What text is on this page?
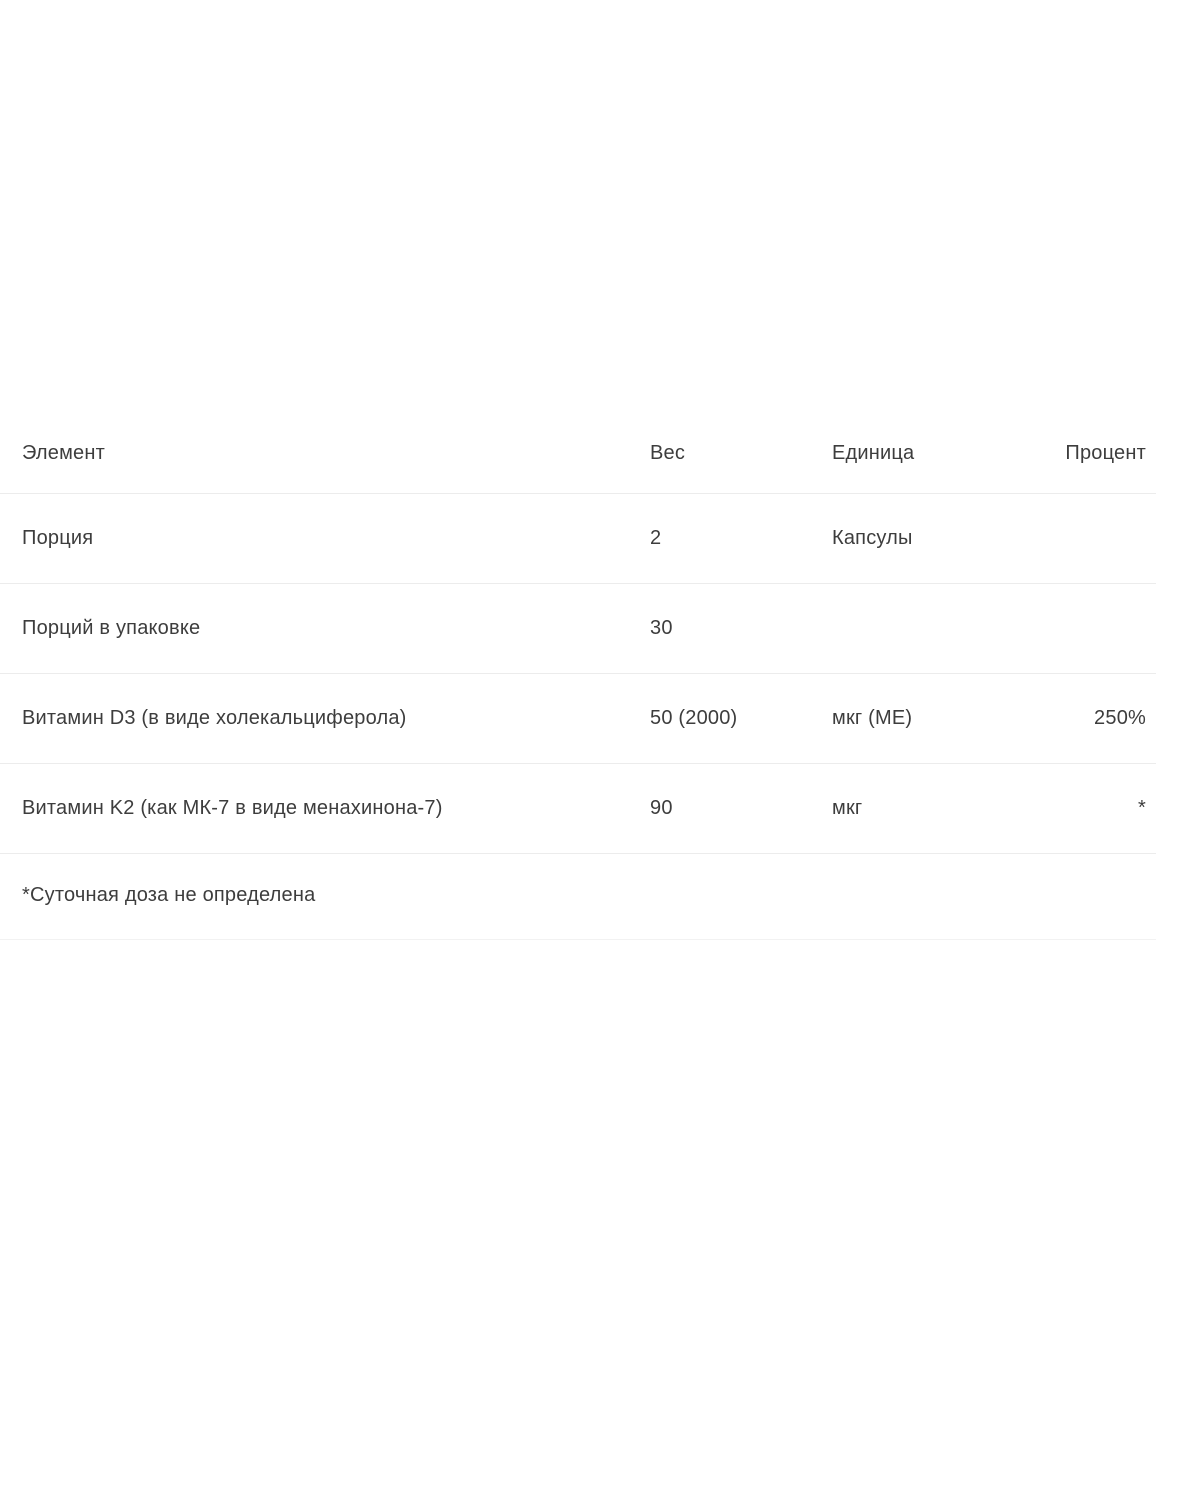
Элемент	Вес	Единица	Процент
Порция	2	Капсулы	
Порций в упаковке	30		
Витамин D3 (в виде холекальциферола)	50 (2000)	мкг (МЕ)	250%
Витамин K2 (как МК-7 в виде менахинона-7)	90	мкг	*
*Суточная доза не определена
